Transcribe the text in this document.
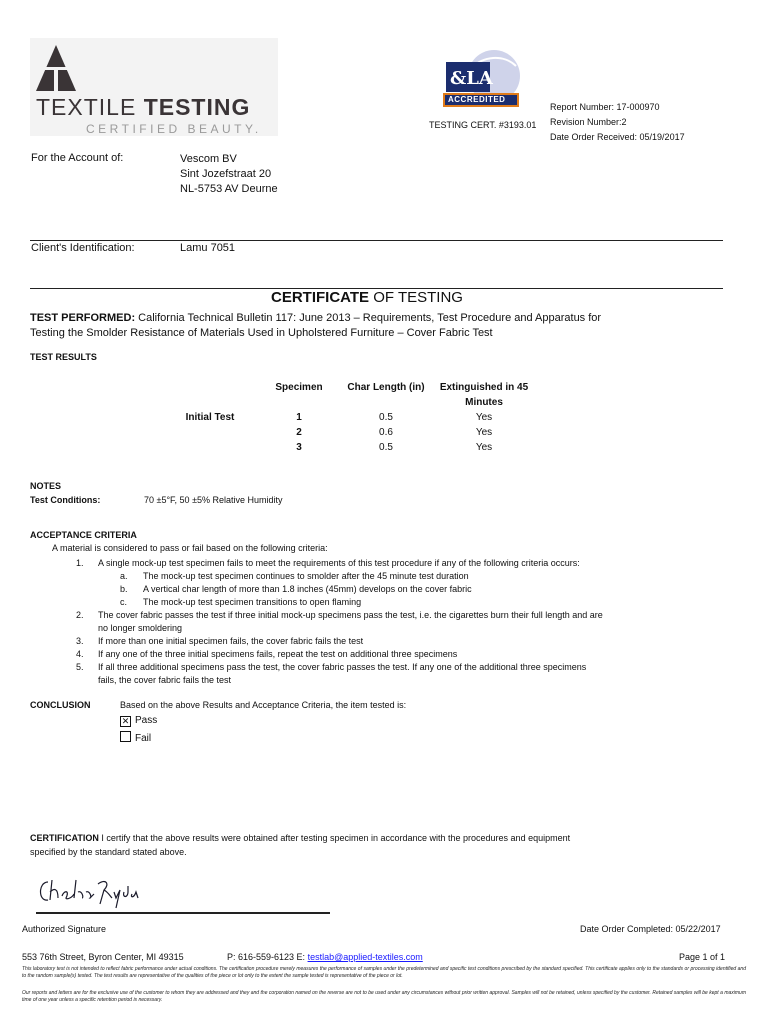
TEXTILE TESTING
CERTIFIED BEAUTY.
&LA
ACCREDITED
TESTING CERT. #3193.01
Report Number: 17-000970
Revision Number:2
Date Order Received: 05/19/2017
For the Account of:	Vescom BV
Sint Jozefstraat 20
NL-5753 AV Deurne
Client's Identification:	Lamu 7051
CERTIFICATE OF TESTING
TEST PERFORMED: California Technical Bulletin 117: June 2013 – Requirements, Test Procedure and Apparatus for
Testing the Smolder Resistance of Materials Used in Upholstered Furniture – Cover Fabric Test
TEST RESULTS
	Specimen	Char Length (in)	Extinguished in 45
			Minutes
Initial Test	1	0.5	Yes
	2	0.6	Yes
	3	0.5	Yes
NOTES
Test Conditions:	70 ±5°F, 50 ±5% Relative Humidity
ACCEPTANCE CRITERIA
A material is considered to pass or fail based on the following criteria:
1. A single mock-up test specimen fails to meet the requirements of this test procedure if any of the following criteria occurs:
a. The mock-up test specimen continues to smolder after the 45 minute test duration
b. A vertical char length of more than 1.8 inches (45mm) develops on the cover fabric
c. The mock-up test specimen transitions to open flaming
2. The cover fabric passes the test if three initial mock-up specimens pass the test, i.e. the cigarettes burn their full length and are
no longer smoldering
3. If more than one initial specimen fails, the cover fabric fails the test
4. If any one of the three initial specimens fails, repeat the test on additional three specimens
5. If all three additional specimens pass the test, the cover fabric passes the test. If any one of the additional three specimens
fails, the cover fabric fails the test
CONCLUSION	Based on the above Results and Acceptance Criteria, the item tested is:
✕ Pass
Fail
CERTIFICATION I certify that the above results were obtained after testing specimen in accordance with the procedures and equipment
specified by the standard stated above.
Authorized Signature	Date Order Completed: 05/22/2017
553 76th Street, Byron Center, MI 49315	P: 616-559-6123 E: testlab@applied-textiles.com	Page 1 of 1
This laboratory test is not intended to reflect fabric performance under actual conditions. The certification procedure merely measures the performance of samples under the predetermined and specific test conditions prescribed by the standard specified. This certificate applies only to the standards or processing identified and to the random sample(s) tested. The test results are representative of the qualities of the piece or lot only to the extent the sample tested is representative of the piece or lot.
Our reports and letters are for the exclusive use of the customer to whom they are addressed and they and the corporation named on the reverse are not to be used under any circumstances without prior written approval. Samples will not be retained, unless specified by the customer. Retained samples will be kept a maximum time of one year unless a specific retention period is necessary.
